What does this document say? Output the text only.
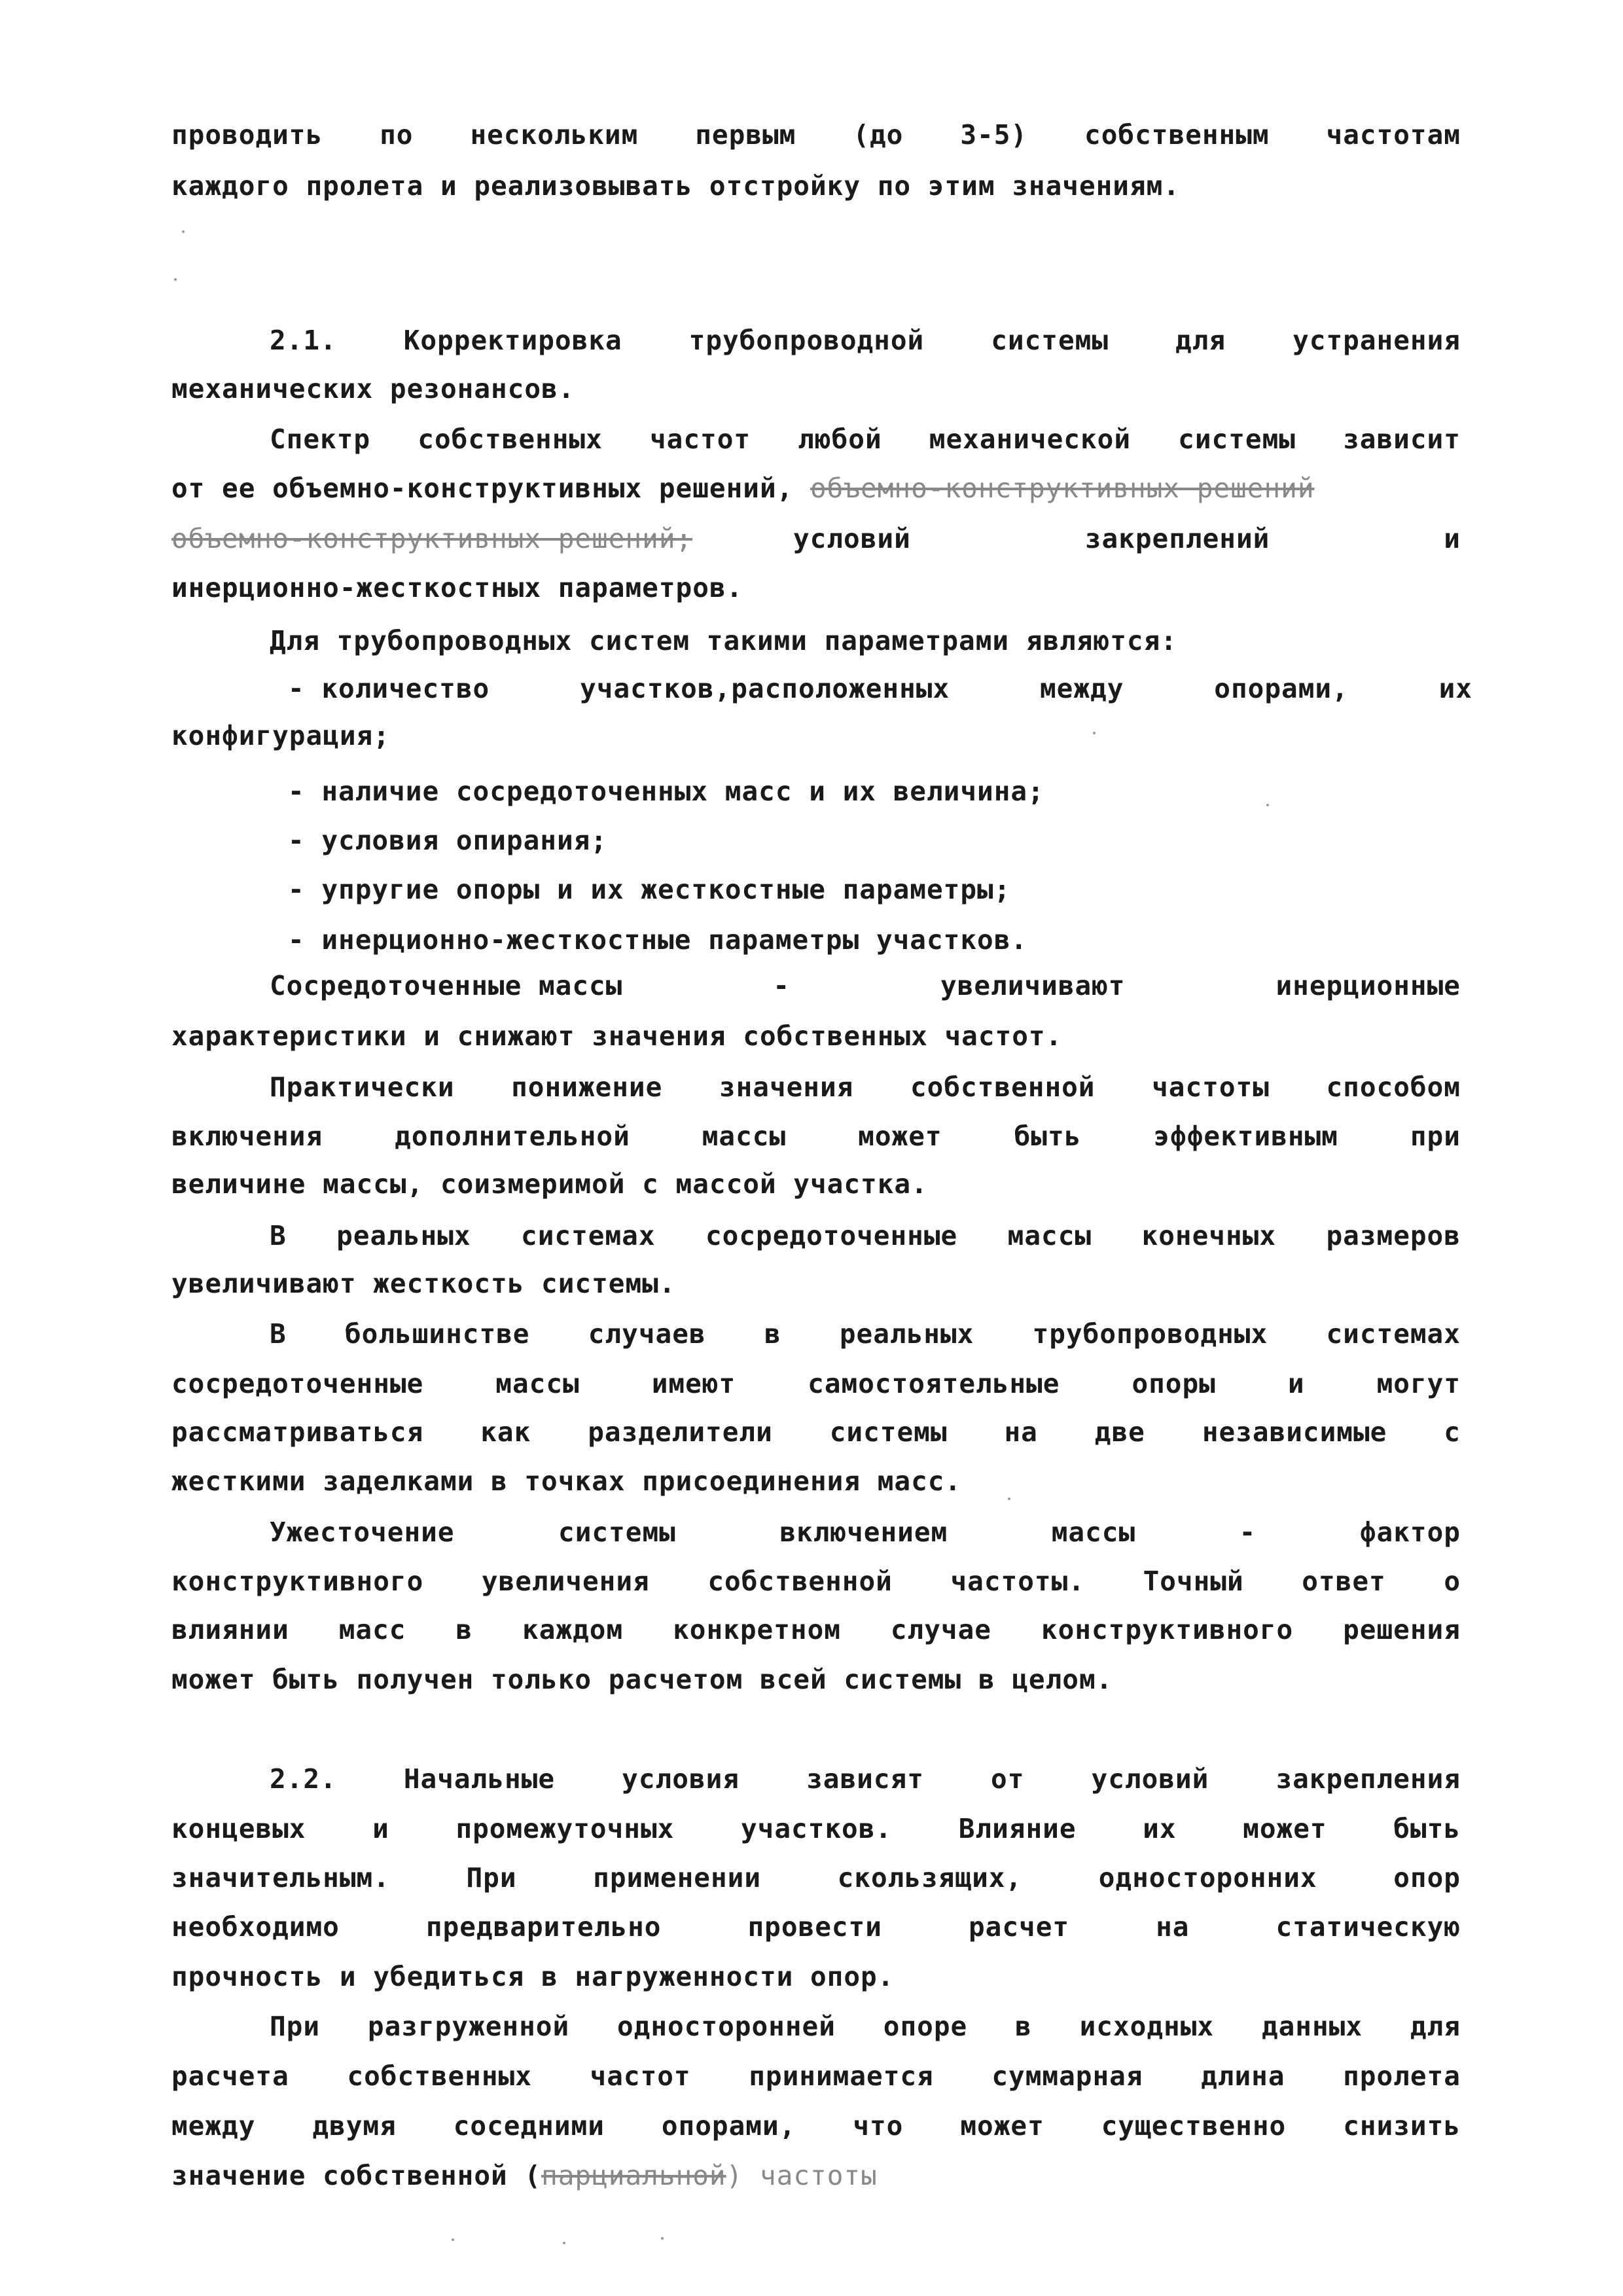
проводить по нескольким первым (до 3-5) собственным частотам
каждого пролета и реализовывать отстройку по этим значениям.
2.1. Корректировка трубопроводной системы для устранения
механических резонансов.
Спектр собственных частот любой механической системы зависит
от ее объемно-конструктивных решений, объемно-конструктивных решений
объемно-конструктивных решений;	условий	закреплений	и
инерционно-жесткостных параметров.
Для трубопроводных систем такими параметрами являются:
- количество	участков,расположенных	между	опорами,	их
конфигурация;
- наличие сосредоточенных масс и их величина;
- условия опирания;
- упругие опоры и их жесткостные параметры;
- инерционно-жесткостные параметры участков.
Сосредоточенные массы	-	увеличивают	инерционные
характеристики и снижают значения собственных частот.
Практически понижение значения собственной частоты способом
включения	дополнительной	массы	может	быть	эффективным	при
величине массы, соизмеримой с массой участка.
В реальных системах сосредоточенные массы конечных размеров
увеличивают жесткость системы.
В большинстве случаев в реальных трубопроводных системах
сосредоточенные	массы	имеют	самостоятельные	опоры	и	могут
рассматриваться как разделители системы на две независимые с
жесткими заделками в точках присоединения масс.
Ужесточение	системы	включением	массы	-	фактор
конструктивного увеличения собственной частоты. Точный ответ о
влиянии масс в каждом конкретном случае конструктивного решения
может быть получен только расчетом всей системы в целом.
2.2. Начальные условия зависят от условий закрепления
концевых и промежуточных участков. Влияние их может быть
значительным.	При	применении	скользящих,	односторонних	опор
необходимо	предварительно	провести	расчет	на	статическую
прочность и убедиться в нагруженности опор.
При разгруженной односторонней опоре в исходных данных для
расчета собственных частот принимается суммарная длина пролета
между двумя соседними опорами, что может существенно снизить
значение собственной (парциальной) частоты
